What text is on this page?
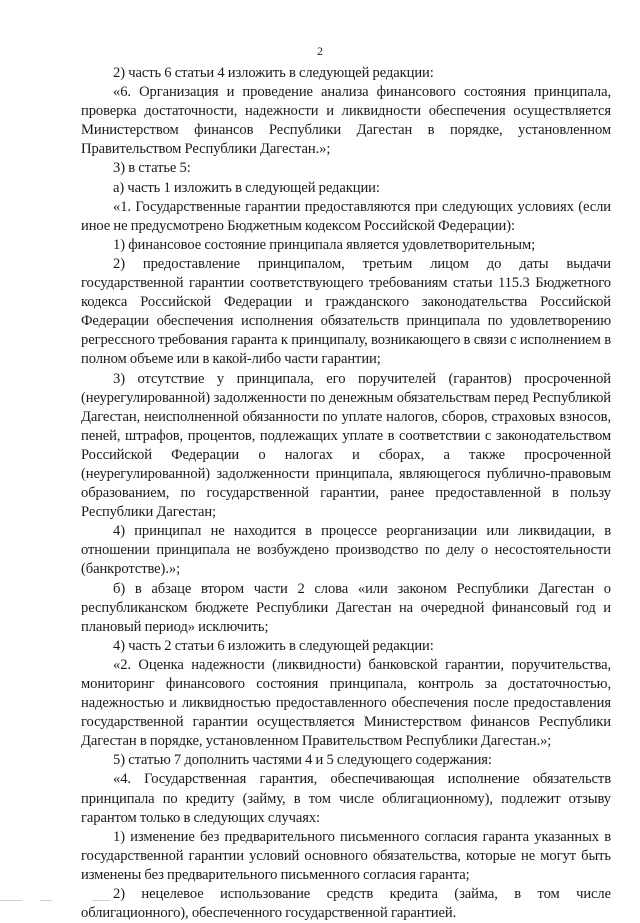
2

2) часть 6 статьи 4 изложить в следующей редакции:

«6. Организация и проведение анализа финансового состояния принципала, проверка достаточности, надежности и ликвидности обеспечения осуществляется Министерством финансов Республики Дагестан в порядке, установленном Правительством Республики Дагестан.»;

3) в статье 5:

а) часть 1 изложить в следующей редакции:

«1. Государственные гарантии предоставляются при следующих условиях (если иное не предусмотрено Бюджетным кодексом Российской Федерации):

1) финансовое состояние принципала является удовлетворительным;

2) предоставление принципалом, третьим лицом до даты выдачи государственной гарантии соответствующего требованиям статьи 115.3 Бюджетного кодекса Российской Федерации и гражданского законодательства Российской Федерации обеспечения исполнения обязательств принципала по удовлетворению регрессного требования гаранта к принципалу, возникающего в связи с исполнением в полном объеме или в какой-либо части гарантии;

3) отсутствие у принципала, его поручителей (гарантов) просроченной (неурегулированной) задолженности по денежным обязательствам перед Республикой Дагестан, неисполненной обязанности по уплате налогов, сборов, страховых взносов, пеней, штрафов, процентов, подлежащих уплате в соответствии с законодательством Российской Федерации о налогах и сборах, а также просроченной (неурегулированной) задолженности принципала, являющегося публично-правовым образованием, по государственной гарантии, ранее предоставленной в пользу Республики Дагестан;

4) принципал не находится в процессе реорганизации или ликвидации, в отношении принципала не возбуждено производство по делу о несостоятельности (банкротстве).»;

б) в абзаце втором части 2 слова «или законом Республики Дагестан о республиканском бюджете Республики Дагестан на очередной финансовый год и плановый период» исключить;

4) часть 2 статьи 6 изложить в следующей редакции:

«2. Оценка надежности (ликвидности) банковской гарантии, поручительства, мониторинг финансового состояния принципала, контроль за достаточностью, надежностью и ликвидностью предоставленного обеспечения после предоставления государственной гарантии осуществляется Министерством финансов Республики Дагестан в порядке, установленном Правительством Республики Дагестан.»;

5) статью 7 дополнить частями 4 и 5 следующего содержания:

«4. Государственная гарантия, обеспечивающая исполнение обязательств принципала по кредиту (займу, в том числе облигационному), подлежит отзыву гарантом только в следующих случаях:

1) изменение без предварительного письменного согласия гаранта указанных в государственной гарантии условий основного обязательства, которые не могут быть изменены без предварительного письменного согласия гаранта;

2) нецелевое использование средств кредита (займа, в том числе облигационного), обеспеченного государственной гарантией.
